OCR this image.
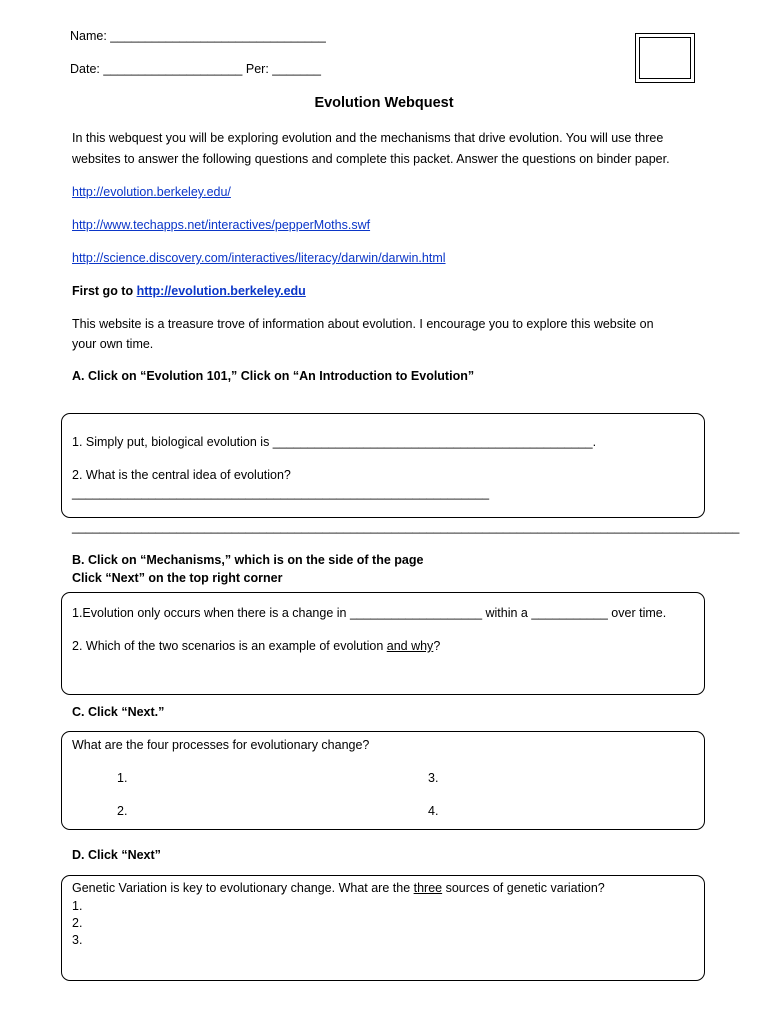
Name: _______________________________
Date: ____________________ Per: _______
Evolution Webquest
In this webquest you will be exploring evolution and the mechanisms that drive evolution. You will use three
websites to answer the following questions and complete this packet. Answer the questions on binder paper.
http://evolution.berkeley.edu/
http://www.techapps.net/interactives/pepperMoths.swf
http://science.discovery.com/interactives/literacy/darwin/darwin.html
First go to http://evolution.berkeley.edu
This website is a treasure trove of information about evolution. I encourage you to explore this website on
your own time.
A. Click on “Evolution 101,” Click on “An Introduction to Evolution”
1. Simply put, biological evolution is ______________________________________________.
2. What is the central idea of evolution?
____________________________________________________________
________________________________________________________________________________________________
B. Click on “Mechanisms,” which is on the side of the page
Click “Next” on the top right corner
1.Evolution only occurs when there is a change in ___________________ within a ___________ over time.
2. Which of the two scenarios is an example of evolution and why?
C. Click “Next.”
What are the four processes for evolutionary change?
1.	3.
2.	4.
D. Click “Next”
Genetic Variation is key to evolutionary change. What are the three sources of genetic variation?
1.
2.
3.
